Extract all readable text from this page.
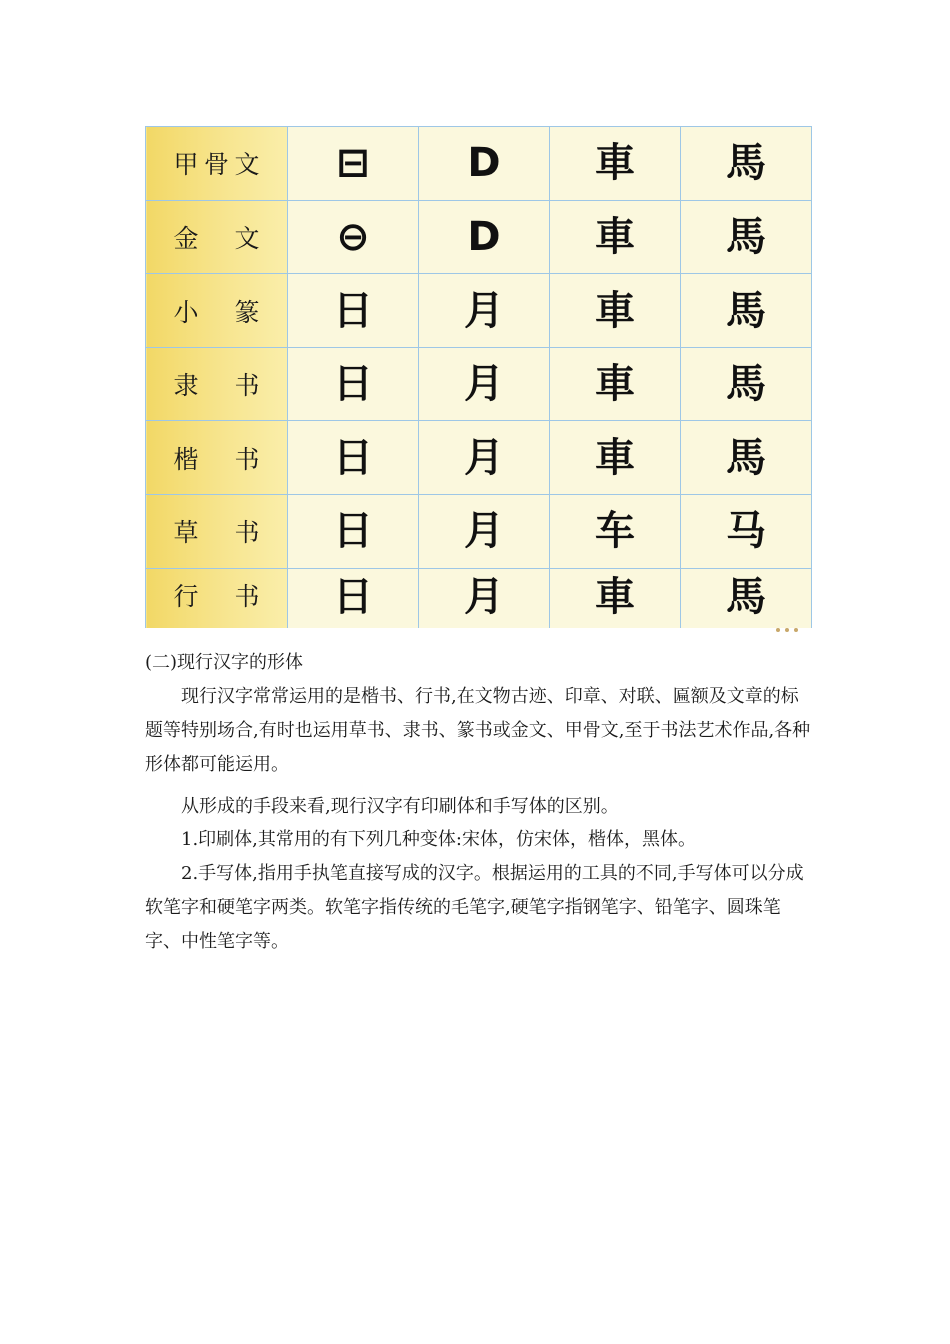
甲 骨 文	⊟	D	車	馬

金 文	⊖	D	車	馬

小 篆	日	月	車	馬

隶 书	日	月	車	馬

楷 书	日	月	車	馬

草 书	日	月	车	马

行 书	日	月	車	馬
(二)现行汉字的形体

现行汉字常常运用的是楷书、行书,在文物古迹、印章、对联、匾额及文章的标题等特别场合,有时也运用草书、隶书、篆书或金文、甲骨文,至于书法艺术作品,各种形体都可能运用。

从形成的手段来看,现行汉字有印刷体和手写体的区别。

1.印刷体,其常用的有下列几种变体:宋体，仿宋体，楷体，黑体。

2.手写体,指用手执笔直接写成的汉字。根据运用的工具的不同,手写体可以分成软笔字和硬笔字两类。软笔字指传统的毛笔字,硬笔字指钢笔字、铅笔字、圆珠笔字、中性笔字等。
